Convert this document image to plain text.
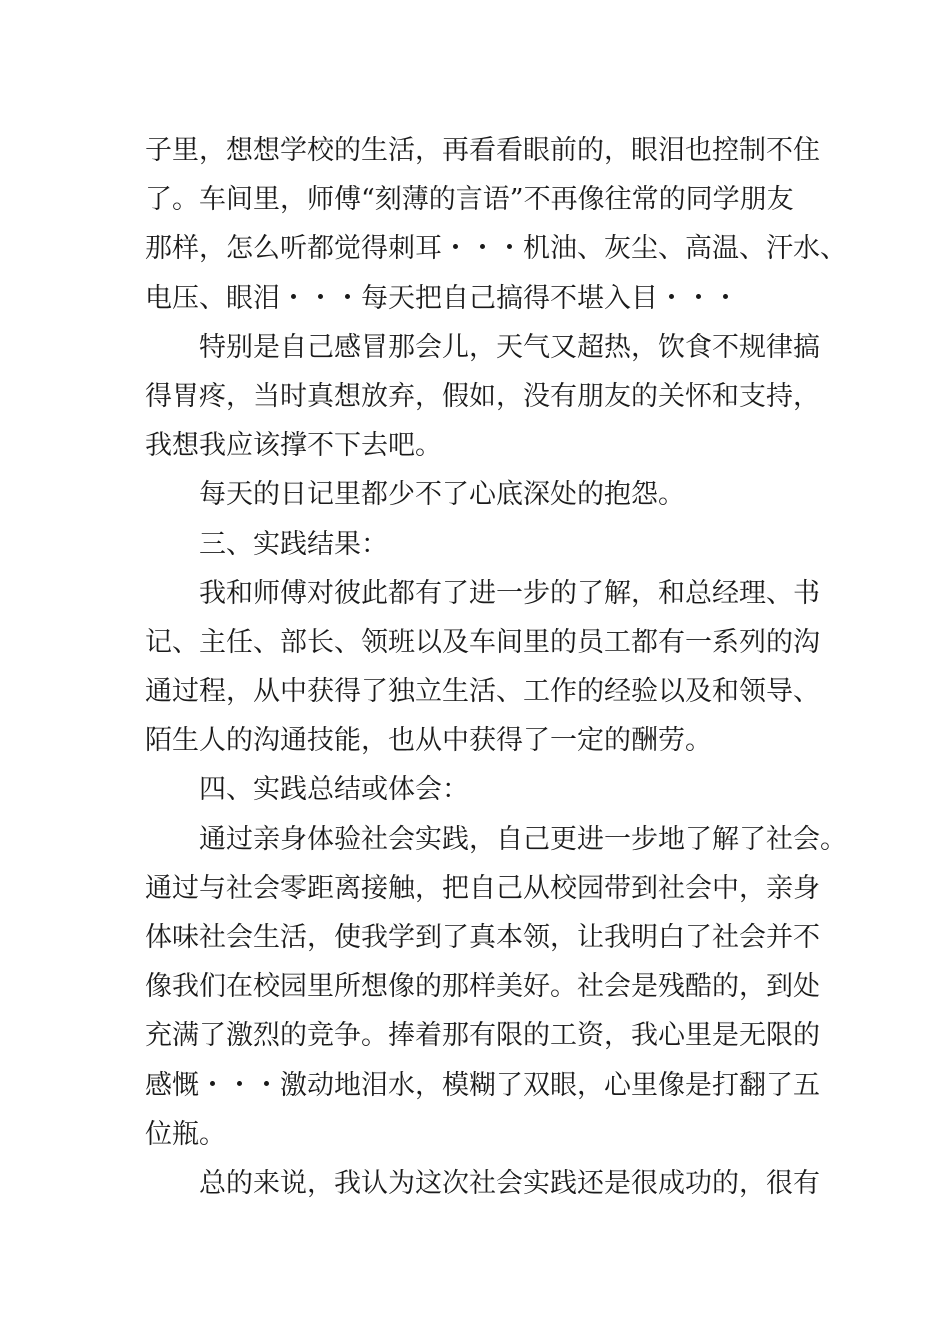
子里，想想学校的生活，再看看眼前的，眼泪也控制不住
了。车间里，师傅“刻薄的言语”不再像往常的同学朋友
那样，怎么听都觉得刺耳・・・机油、灰尘、高温、汗水、
电压、眼泪・・・每天把自己搞得不堪入目・・・
特别是自己感冒那会儿，天气又超热，饮食不规律搞
得胃疼，当时真想放弃，假如，没有朋友的关怀和支持，
我想我应该撑不下去吧。
每天的日记里都少不了心底深处的抱怨。
三、实践结果：
我和师傅对彼此都有了进一步的了解，和总经理、书
记、主任、部长、领班以及车间里的员工都有一系列的沟
通过程，从中获得了独立生活、工作的经验以及和领导、
陌生人的沟通技能，也从中获得了一定的酬劳。
四、实践总结或体会：
通过亲身体验社会实践，自己更进一步地了解了社会。
通过与社会零距离接触，把自己从校园带到社会中，亲身
体味社会生活，使我学到了真本领，让我明白了社会并不
像我们在校园里所想像的那样美好。社会是残酷的，到处
充满了激烈的竞争。捧着那有限的工资，我心里是无限的
感慨・・・激动地泪水，模糊了双眼，心里像是打翻了五
位瓶。
总的来说，我认为这次社会实践还是很成功的，很有
